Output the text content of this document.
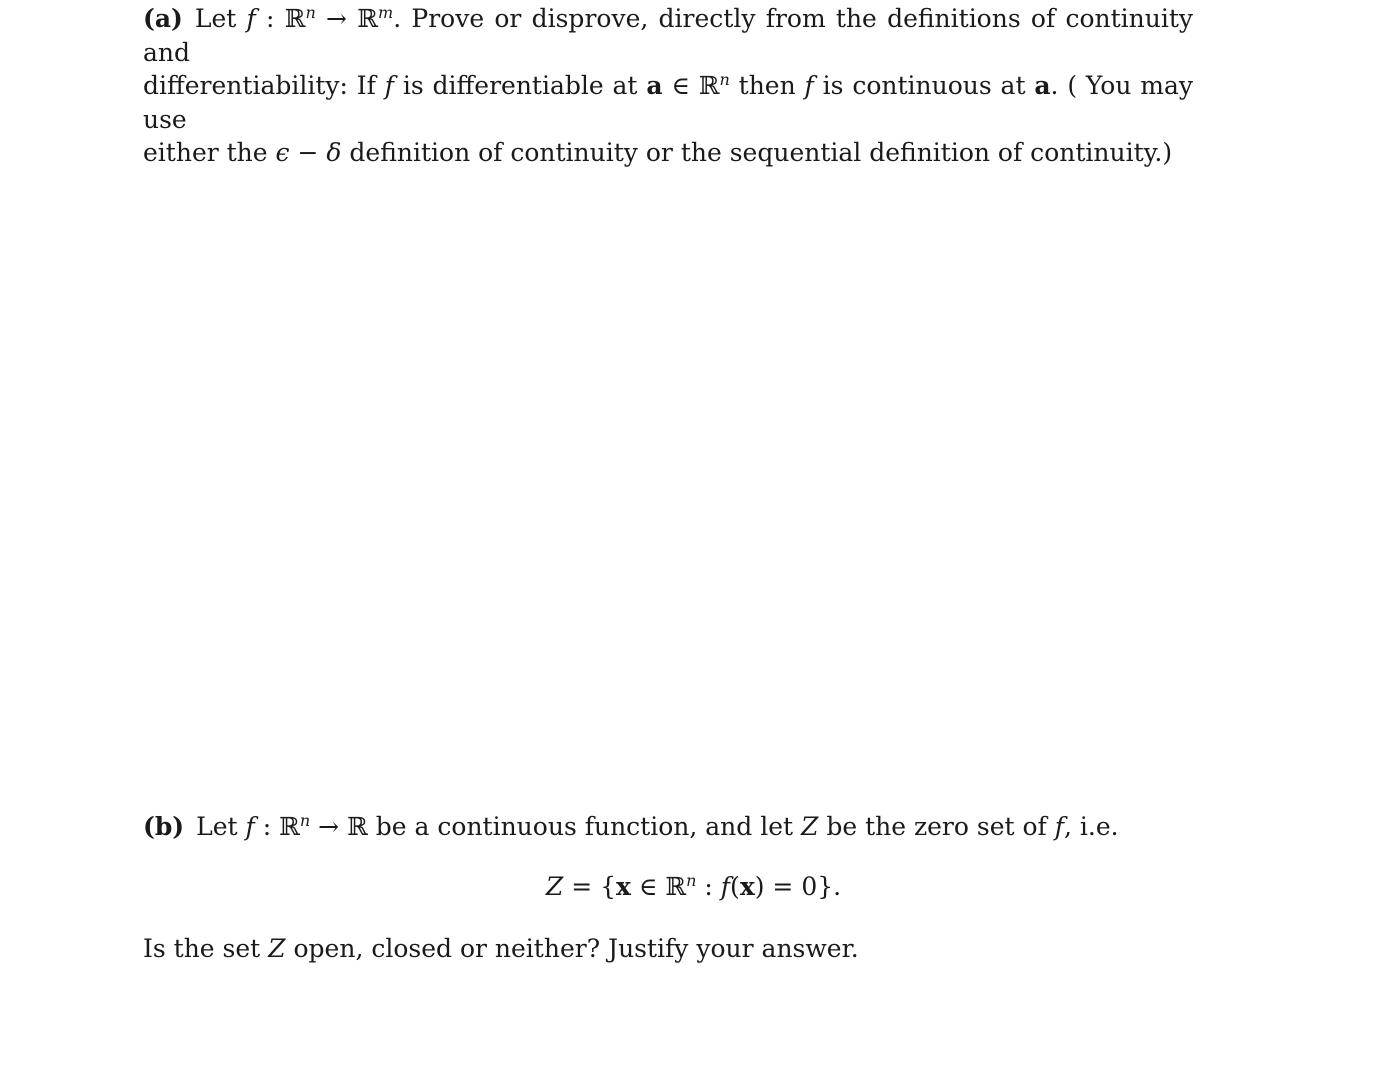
(a) Let f : ℝ$^n$ → ℝ$^m$. Prove or disprove, directly from the definitions of continuity and
differentiability: If f is differentiable at a ∈ ℝ$^n$ then f is continuous at a. ( You may use
either the ϵ − δ definition of continuity or the sequential definition of continuity.)
(b) Let f : ℝ$^n$ → ℝ be a continuous function, and let Z be the zero set of f, i.e.
Z = {x ∈ ℝ$^n$ : f(x) = 0}.
Is the set Z open, closed or neither? Justify your answer.
